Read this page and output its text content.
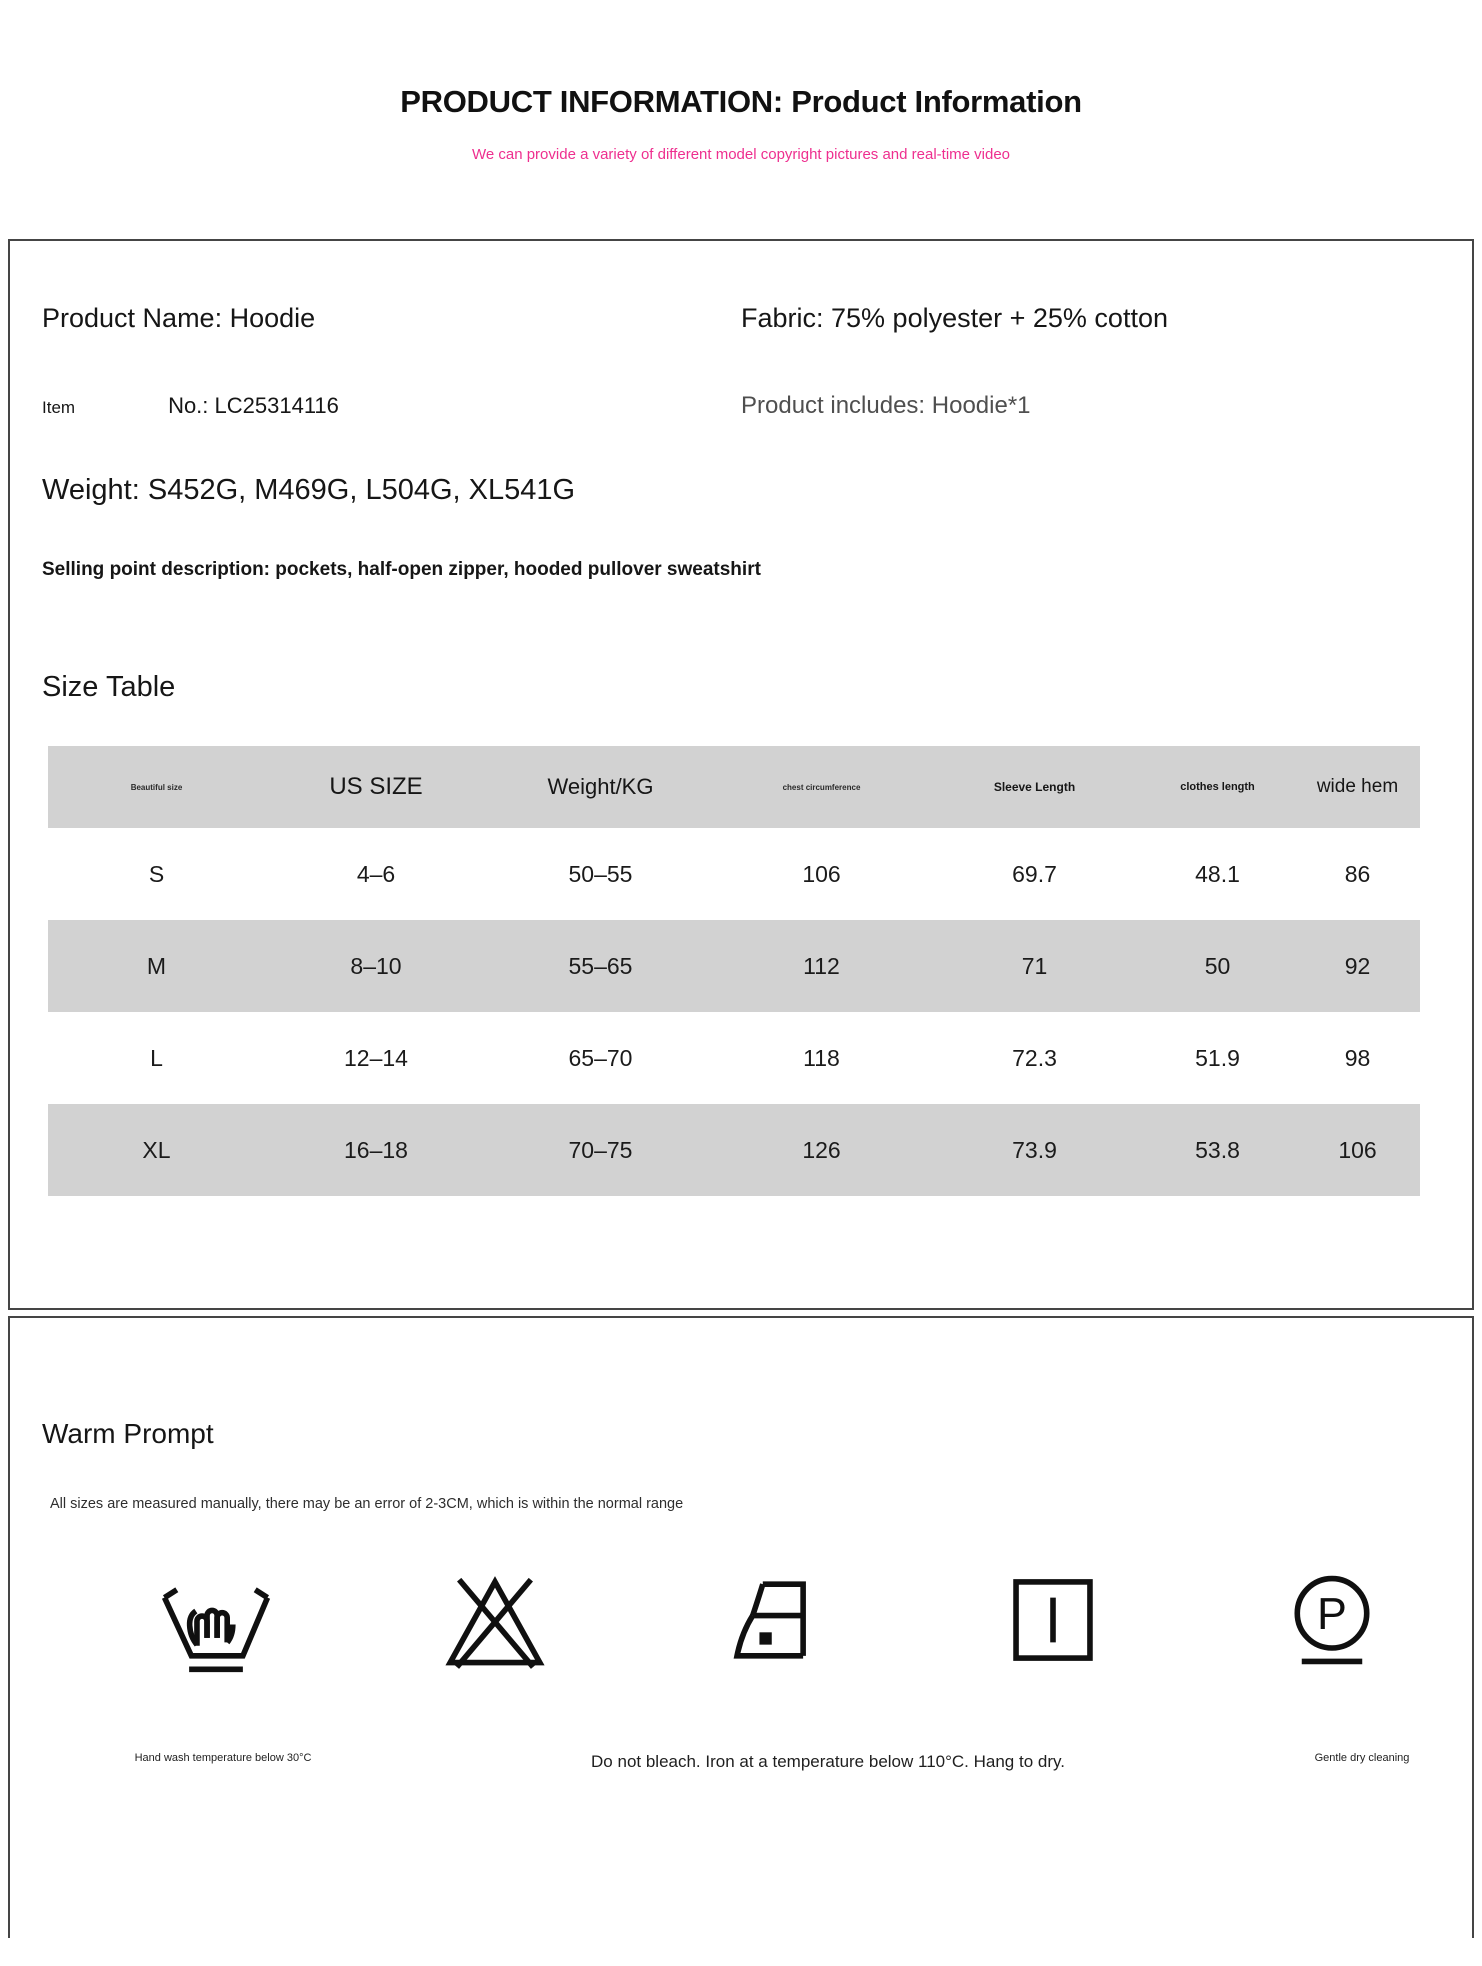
PRODUCT INFORMATION: Product Information
We can provide a variety of different model copyright pictures and real-time video
Product Name: Hoodie	Fabric: 75% polyester + 25% cotton
Item	No.: LC25314116	Product includes: Hoodie*1
Weight: S452G, M469G, L504G, XL541G
Selling point description: pockets, half-open zipper, hooded pullover sweatshirt
Size Table
Beautiful size	US SIZE	Weight/KG	chest circumference	Sleeve Length	clothes length	wide hem
S	4–6	50–55	106	69.7	48.1	86
M	8–10	55–65	112	71	50	92
L	12–14	65–70	118	72.3	51.9	98
XL	16–18	70–75	126	73.9	53.8	106
Warm Prompt
All sizes are measured manually, there may be an error of 2-3CM, which is within the normal range
P
Hand wash temperature below 30°C	Do not bleach. Iron at a temperature below 110°C. Hang to dry.	Gentle dry cleaning
